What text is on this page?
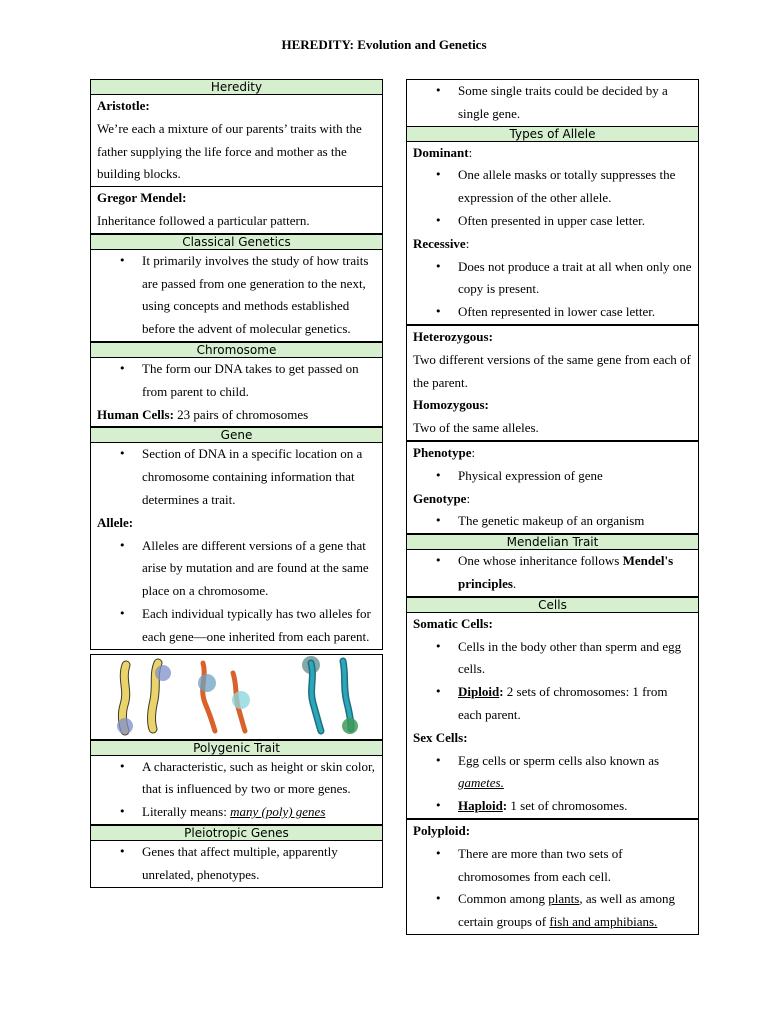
HEREDITY: Evolution and Genetics
Heredity

Aristotle:

We’re each a mixture of our parents’ traits with the father supplying the life force and mother as the building blocks.

Gregor Mendel:

Inheritance followed a particular pattern.

Classical Genetics
• It primarily involves the study of how traits are passed from one generation to the next, using concepts and methods established before the advent of molecular genetics.
Chromosome
• The form our DNA takes to get passed on from parent to child.

Human Cells: 23 pairs of chromosomes

Gene
• Section of DNA in a specific location on a chromosome containing information that determines a trait.

Allele:

• Alleles are different versions of a gene that arise by mutation and are found at the same place on a chromosome.
• Each individual typically has two alleles for each gene—one inherited from each parent.
Polygenic Trait
• A characteristic, such as height or skin color, that is influenced by two or more genes.
• Literally means: many (poly) genes
Pleiotropic Genes
• Genes that affect multiple, apparently unrelated, phenotypes.
• Some single traits could be decided by a single gene.
Types of Allele

Dominant:

• One allele masks or totally suppresses the expression of the other allele.
• Often presented in upper case letter.

Recessive:

• Does not produce a trait at all when only one copy is present.
• Often represented in lower case letter.

Heterozygous:

Two different versions of the same gene from each of the parent.

Homozygous:

Two of the same alleles.

Phenotype:

• Physical expression of gene

Genotype:

• The genetic makeup of an organism
Mendelian Trait
• One whose inheritance follows Mendel's principles.
Cells

Somatic Cells:

• Cells in the body other than sperm and egg cells.
• Diploid: 2 sets of chromosomes: 1 from each parent.

Sex Cells:

• Egg cells or sperm cells also known as gametes.
• Haploid: 1 set of chromosomes.

Polyploid:

• There are more than two sets of chromosomes from each cell.
• Common among plants, as well as among certain groups of fish and amphibians.
